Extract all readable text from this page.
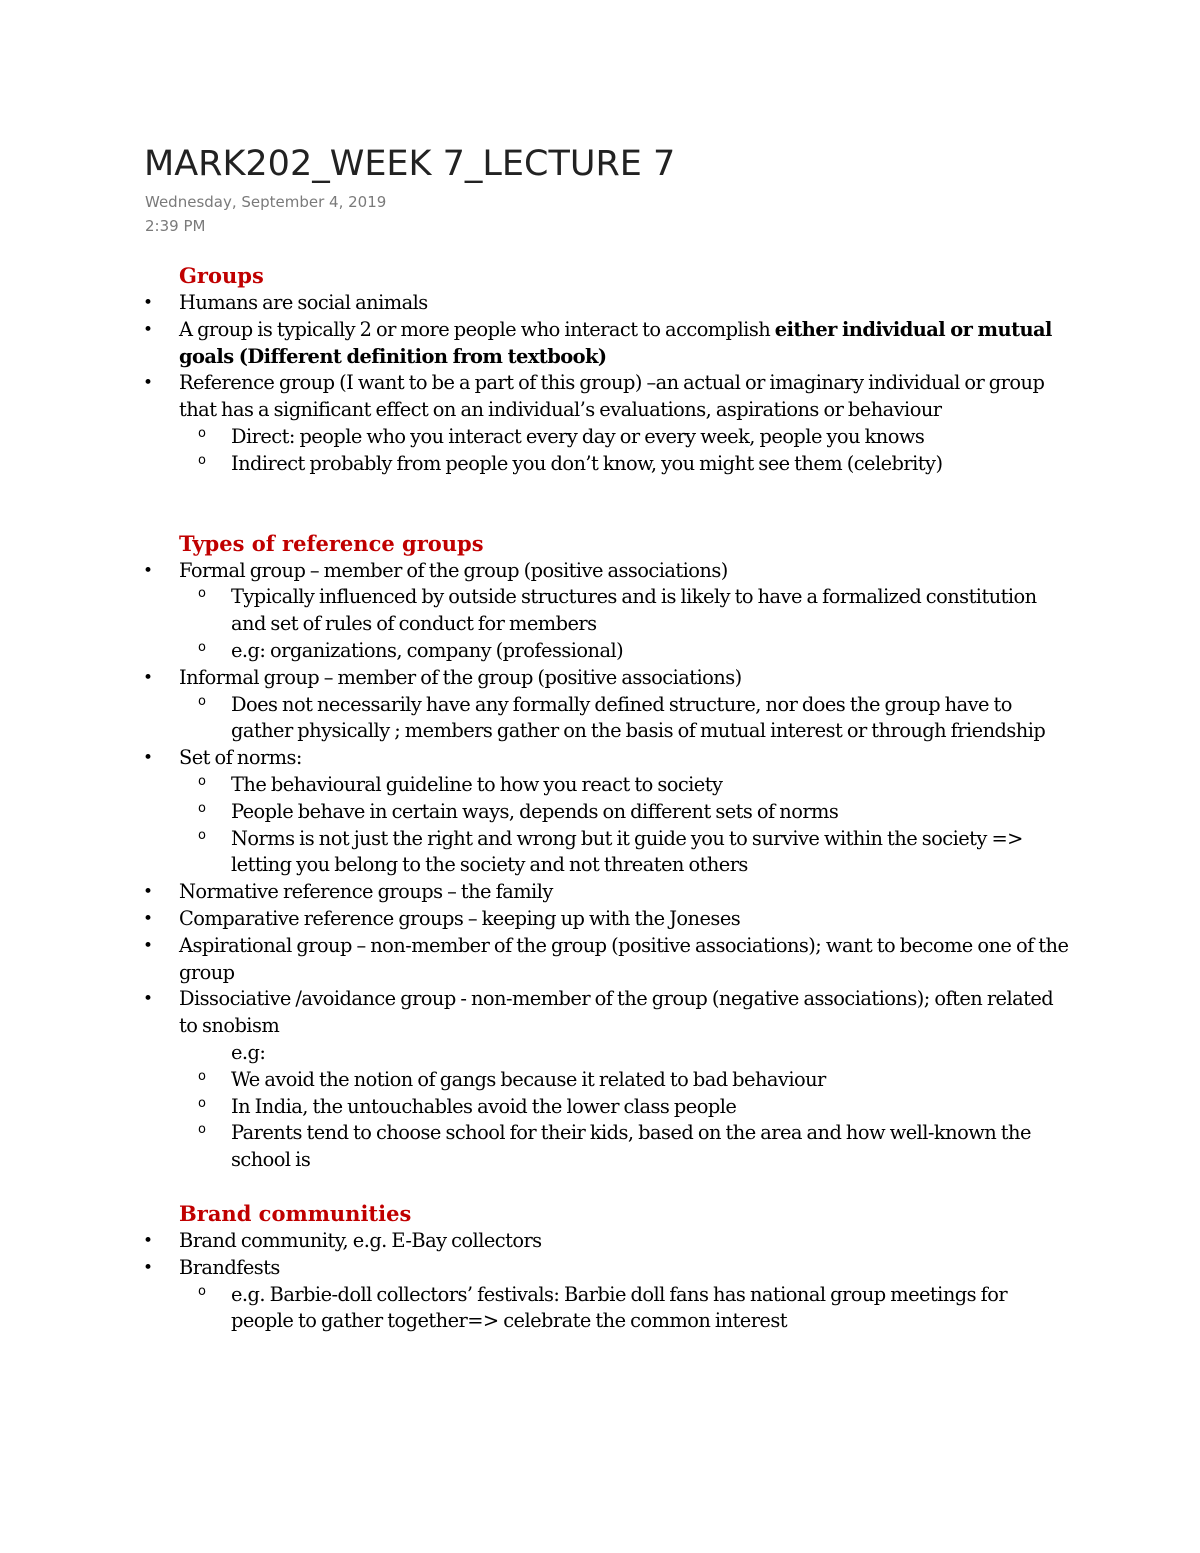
MARK202_WEEK 7_LECTURE 7
Wednesday, September 4, 2019
2:39 PM
Groups
• Humans are social animals
• A group is typically 2 or more people who interact to accomplish either individual or mutual goals (Different definition from textbook)
• Reference group (I want to be a part of this group) –an actual or imaginary individual or group that has a significant effect on an individual’s evaluations, aspirations or behaviour
o Direct: people who you interact every day or every week, people you knows
o Indirect probably from people you don’t know, you might see them (celebrity)
Types of reference groups
• Formal group – member of the group (positive associations)
o Typically influenced by outside structures and is likely to have a formalized constitution and set of rules of conduct for members
o e.g: organizations, company (professional)
• Informal group – member of the group (positive associations)
o Does not necessarily have any formally defined structure, nor does the group have to gather physically ; members gather on the basis of mutual interest or through friendship
• Set of norms:
o The behavioural guideline to how you react to society
o People behave in certain ways, depends on different sets of norms
o Norms is not just the right and wrong but it guide you to survive within the society => letting you belong to the society and not threaten others
• Normative reference groups – the family
• Comparative reference groups – keeping up with the Joneses
• Aspirational group – non-member of the group (positive associations); want to become one of the group
• Dissociative /avoidance group - non-member of the group (negative associations); often related to snobism
e.g:
o We avoid the notion of gangs because it related to bad behaviour
o In India, the untouchables avoid the lower class people
o Parents tend to choose school for their kids, based on the area and how well-known the school is
Brand communities
• Brand community, e.g. E-Bay collectors
• Brandfests
o e.g. Barbie-doll collectors’ festivals: Barbie doll fans has national group meetings for people to gather together=> celebrate the common interest
